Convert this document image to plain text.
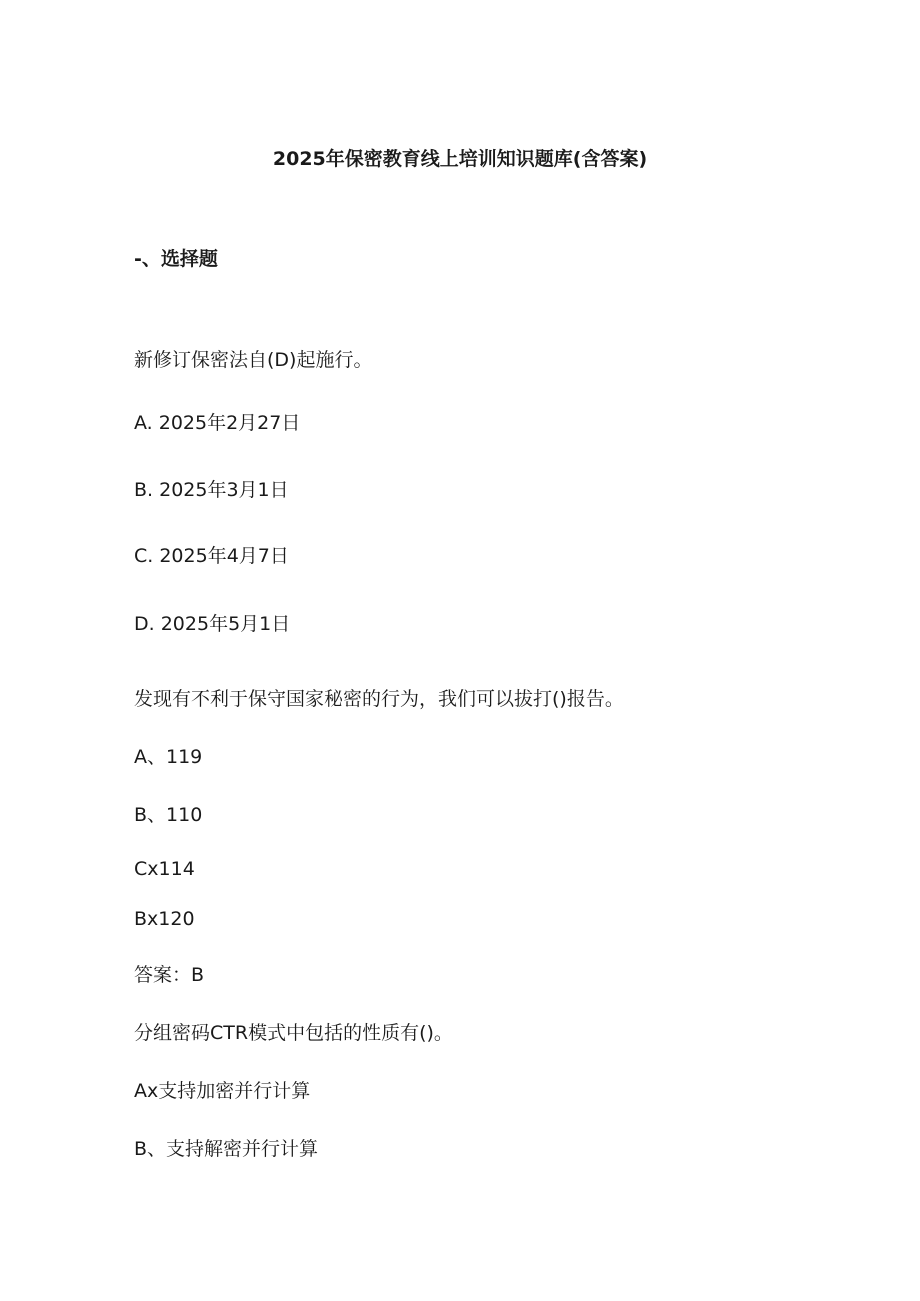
2025年保密教育线上培训知识题库(含答案)
-、选择题
新修订保密法自(D)起施行。
A. 2025年2月27日
B. 2025年3月1日
C. 2025年4月7日
D. 2025年5月1日
发现有不利于保守国家秘密的行为，我们可以拔打()报告。
A、119
B、110
Cx114
Bx120
答案：B
分组密码CTR模式中包括的性质有()。
Ax支持加密并行计算
B、支持解密并行计算
